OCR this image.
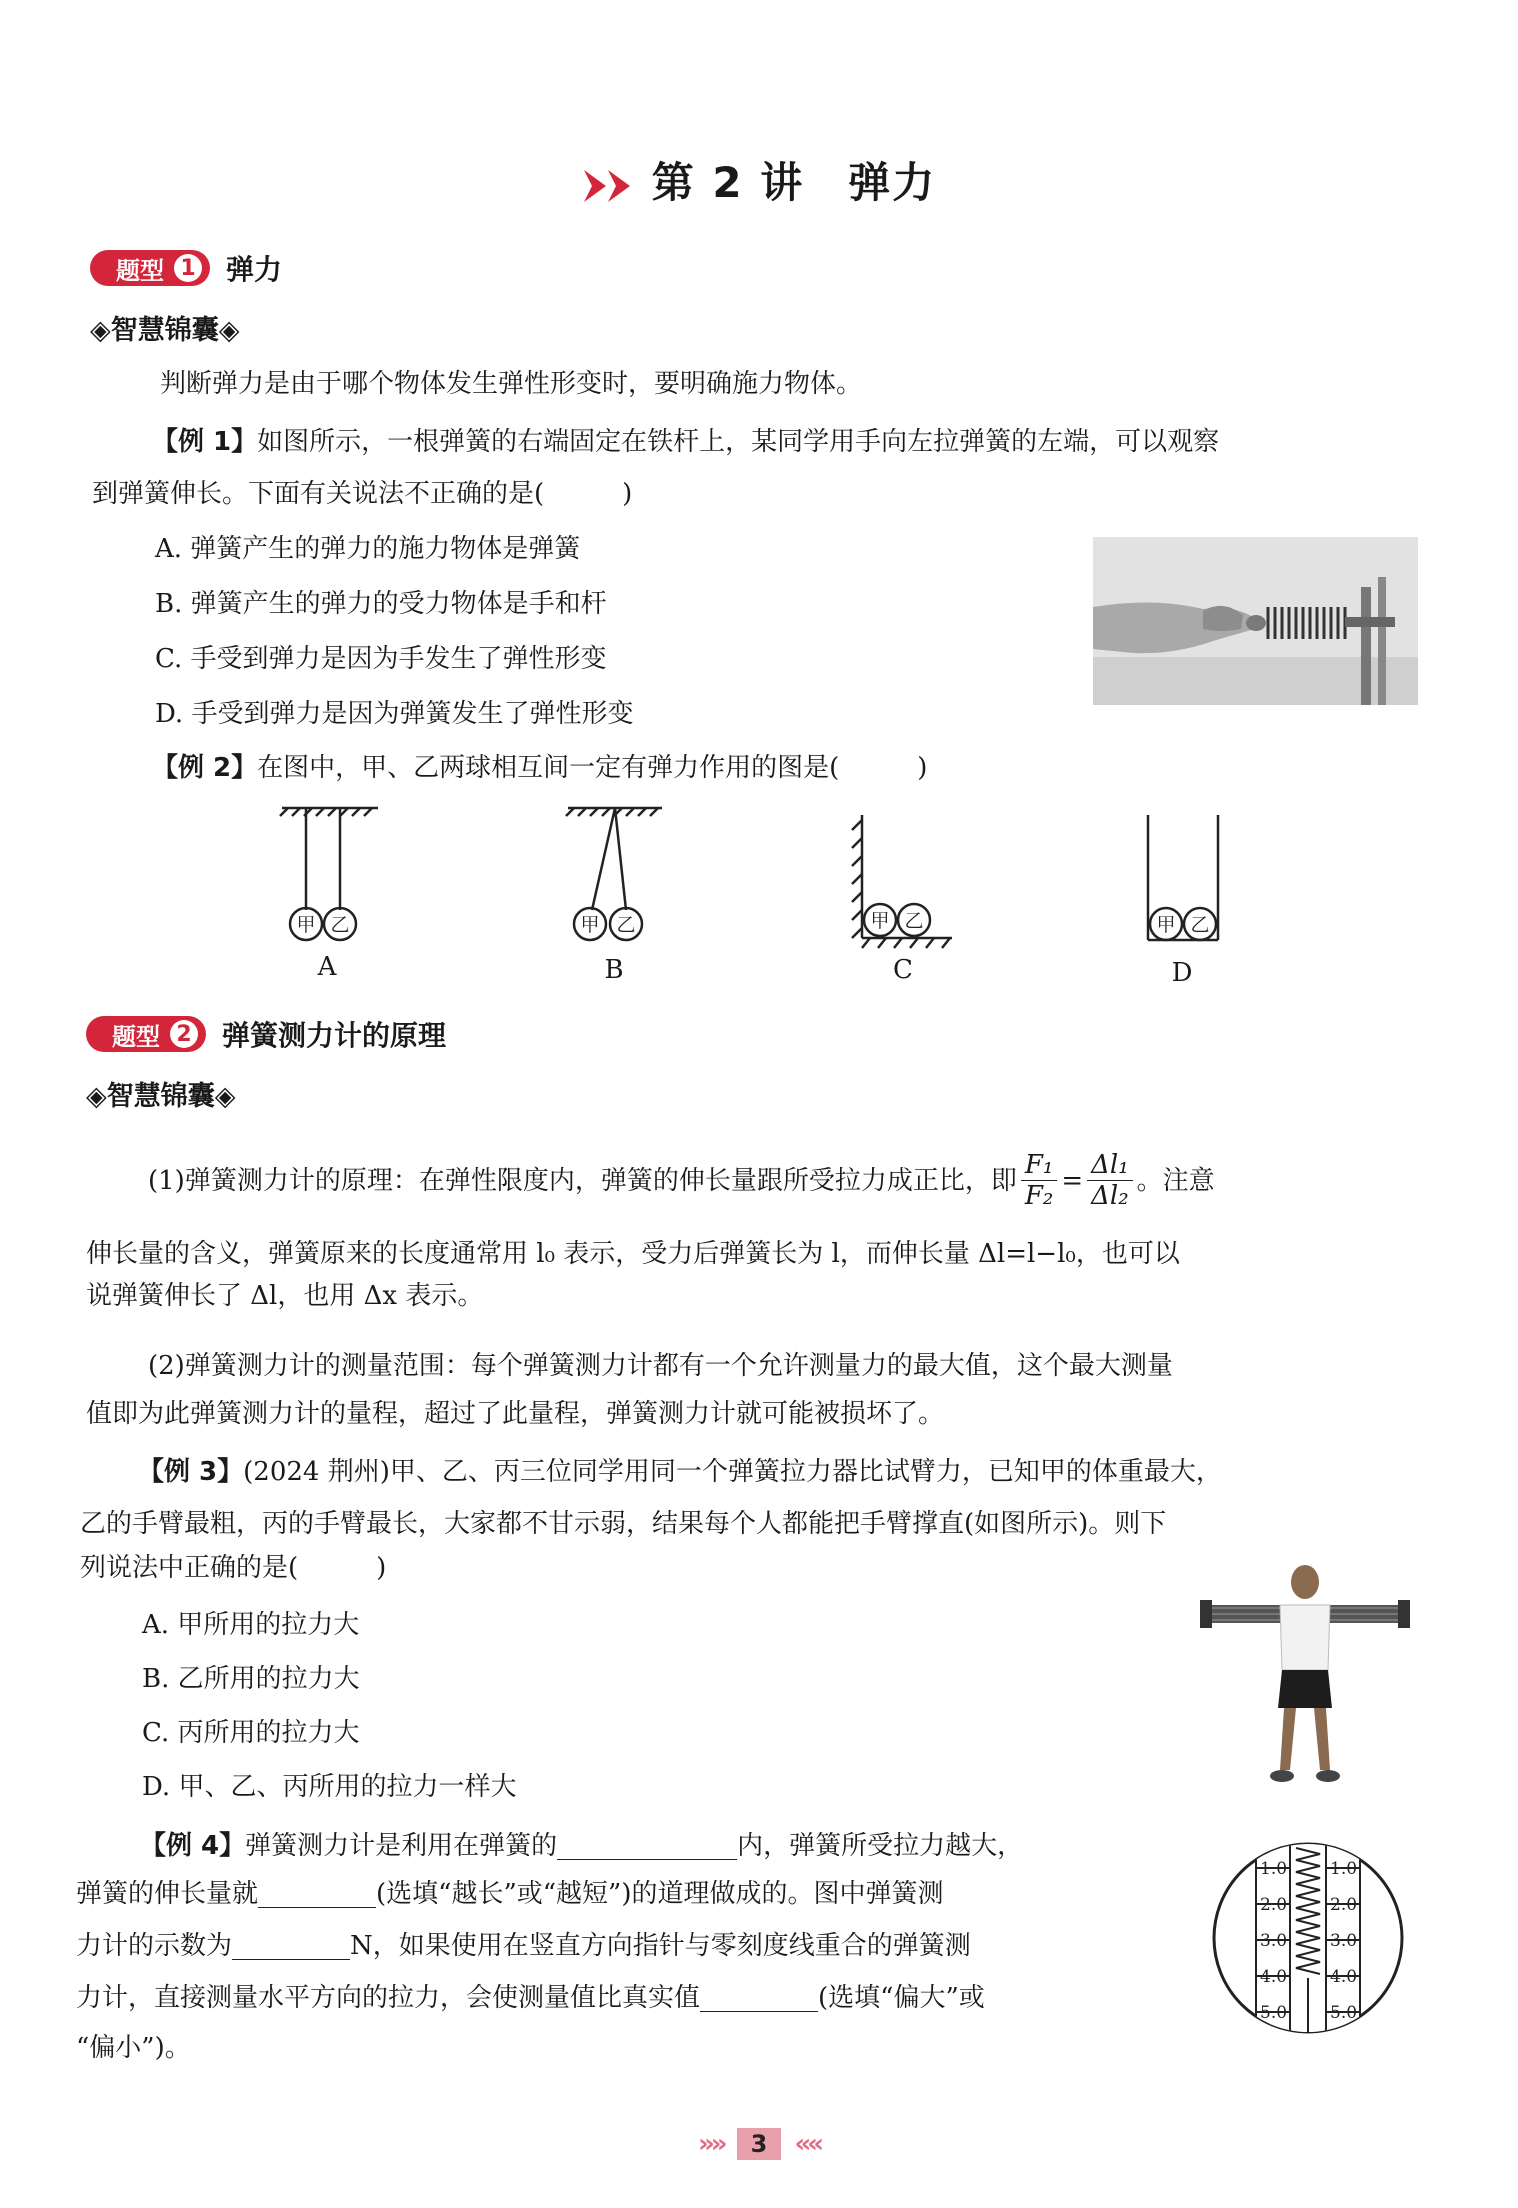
第 2 讲　弹力
题型 1 弹力
◈智慧锦囊◈
判断弹力是由于哪个物体发生弹性形变时，要明确施力物体。
【例 1】如图所示，一根弹簧的右端固定在铁杆上，某同学用手向左拉弹簧的左端，可以观察
到弹簧伸长。下面有关说法不正确的是(　　　)
A. 弹簧产生的弹力的施力物体是弹簧
B. 弹簧产生的弹力的受力物体是手和杆
C. 手受到弹力是因为手发生了弹性形变
D. 手受到弹力是因为弹簧发生了弹性形变
【例 2】在图中，甲、乙两球相互间一定有弹力作用的图是(　　　)
甲 乙	甲 乙	甲 乙	甲 乙
A	B	C	D
题型 2 弹簧测力计的原理
◈智慧锦囊◈
(1)弹簧测力计的原理：在弹性限度内，弹簧的伸长量跟所受拉力成正比，即 $\frac{\text{F₁}}{\text{F₂}} = \frac{\text{Δl₁}}{\text{Δl₂}}$ 。注意
伸长量的含义，弹簧原来的长度通常用 l₀ 表示，受力后弹簧长为 l，而伸长量 Δl=l−l₀，也可以
说弹簧伸长了 Δl，也用 Δx 表示。
(2)弹簧测力计的测量范围：每个弹簧测力计都有一个允许测量力的最大值，这个最大测量
值即为此弹簧测力计的量程，超过了此量程，弹簧测力计就可能被损坏了。
【例 3】(2024 荆州)甲、乙、丙三位同学用同一个弹簧拉力器比试臂力，已知甲的体重最大，
乙的手臂最粗，丙的手臂最长，大家都不甘示弱，结果每个人都能把手臂撑直(如图所示)。则下
列说法中正确的是(　　　)
A. 甲所用的拉力大
B. 乙所用的拉力大
C. 丙所用的拉力大
D. 甲、乙、丙所用的拉力一样大
【例 4】 弹簧测力计是利用在弹簧的	内，弹簧所受拉力越大，
弹簧的伸长量就	(选填“越长”或“越短”)的道理做成的。图中弹簧测
力计的示数为	N，如果使用在竖直方向指针与零刻度线重合的弹簧测
力计，直接测量水平方向的拉力，会使测量值比真实值	(选填“偏大”或
“偏小”)。
1.0
2.0
3.0
4.0
5.0
1.0
2.0
3.0
4.0
5.0
»» 3 ««
